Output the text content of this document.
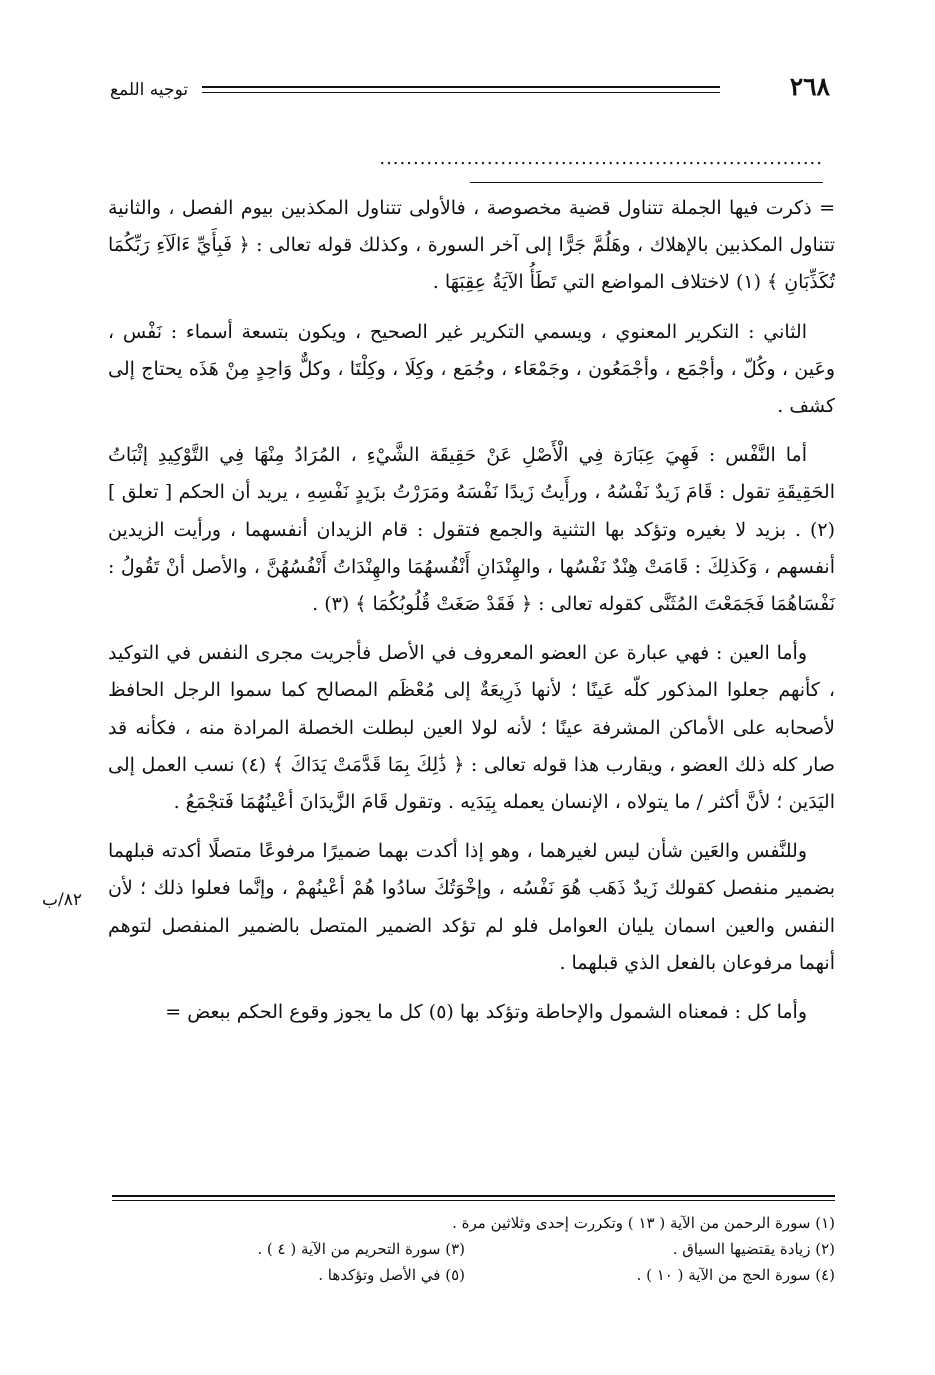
٢٦٨
توجيه اللمع
..................................................................

= ذكرت فيها الجملة تتناول قضية مخصوصة ، فالأولى تتناول المكذبين بيوم الفصل ، والثانية تتناول المكذبين بالإهلاك ، وهَلُمَّ جَرًّا إلى آخر السورة ، وكذلك قوله تعالى : ﴿ فَبِأَيِّ ءَالَآءِ رَبِّكُمَا تُكَذِّبَانِ ﴾ (١) لاختلاف المواضع التي تَطَأُ الآيَةُ عِقِبَهَا .

الثاني : التكرير المعنوي ، ويسمي التكرير غير الصحيح ، ويكون بتسعة أسماء : نَفْس ، وعَين ، وكُلّ ، وأجْمَع ، وأجْمَعُون ، وجَمْعَاء ، وجُمَع ، وكِلَا ، وكِلْتَا ، وكلٌّ وَاحِدٍ مِنْ هَذَه يحتاج إلى كشف .

أما النَّفْس : فَهِيَ عِبَارَة فِي الْأَصْلِ عَنْ حَقِيقَة الشَّيْءِ ، المُرَادُ مِنْهَا فِي التَّوْكِيدِ إثْبَاتُ الحَقِيقَةِ تقول : قَامَ زَيدٌ نَفْسُهُ ، ورأَيتُ زَيدًا نَفْسَهُ ومَرَرْتُ بزَيدٍ نَفْسِهِ ، يريد أن الحكم [ تعلق ] (٢) . بزيد لا بغيره وتؤكد بها التثنية والجمع فتقول : قام الزيدان أنفسهما ، ورأيت الزيدين أنفسهم ، وَكَذلِكَ : قَامَتْ هِنْدٌ نَفْسُها ، والهِنْدَانِ أَنْفُسهُمَا والهِنْدَاتُ أَنْفُسُهُنَّ ، والأصل أنْ تَقُولُ : نَفْسَاهُمَا فَجَمَعْتَ المُثَنَّى كقوله تعالى : ﴿ فَقَدْ صَغَتْ قُلُوبُكُمَا ﴾ (٣) .

وأما العين : فهي عبارة عن العضو المعروف في الأصل فأجريت مجرى النفس في التوكيد ، كأنهم جعلوا المذكور كلّه عَينًا ؛ لأنها ذَرِيعَةٌ إلى مُعْظَم المصالح كما سموا الرجل الحافظ لأصحابه على الأماكن المشرفة عينًا ؛ لأنه لولا العين لبطلت الخصلة المرادة منه ، فكأنه قد صار كله ذلك العضو ، ويقارب هذا قوله تعالى : ﴿ ذَٰلِكَ بِمَا قَدَّمَتْ يَدَاكَ ﴾ (٤) نسب العمل إلى اليَدَين ؛ لأنَّ أكثر / ما يتولاه ، الإنسان يعمله بِيَدَيه . وتقول قَامَ الزَّيدَانَ أعْينُهُمَا فَتجْمَعُ .

وللنَّفس والعَين شأن ليس لغيرهما ، وهو إذا أكدت بهما ضميرًا مرفوعًا متصلًا أكدته قبلهما بضمير منفصل كقولك زَيدٌ ذَهَب هُوَ نَفْسُه ، وإخْوَتُكَ سادُوا هُمْ أعْينُهمْ ، وإنَّما فعلوا ذلك ؛ لأن النفس والعين اسمان يليان العوامل فلو لم تؤكد الضمير المتصل بالضمير المنفصل لتوهم أنهما مرفوعان بالفعل الذي قبلهما .

وأما كل : فمعناه الشمول والإحاطة وتؤكد بها (٥) كل ما يجوز وقوع الحكم ببعض =

٨٢/ب
(١) سورة الرحمن من الآية ( ١٣ ) وتكررت إحدى وثلاثين مرة .
(٢) زيادة يقتضيها السياق .
(٣) سورة التحريم من الآية ( ٤ ) .
(٤) سورة الحج من الآية ( ١٠ ) .
(٥) في الأصل وتؤكدها .
